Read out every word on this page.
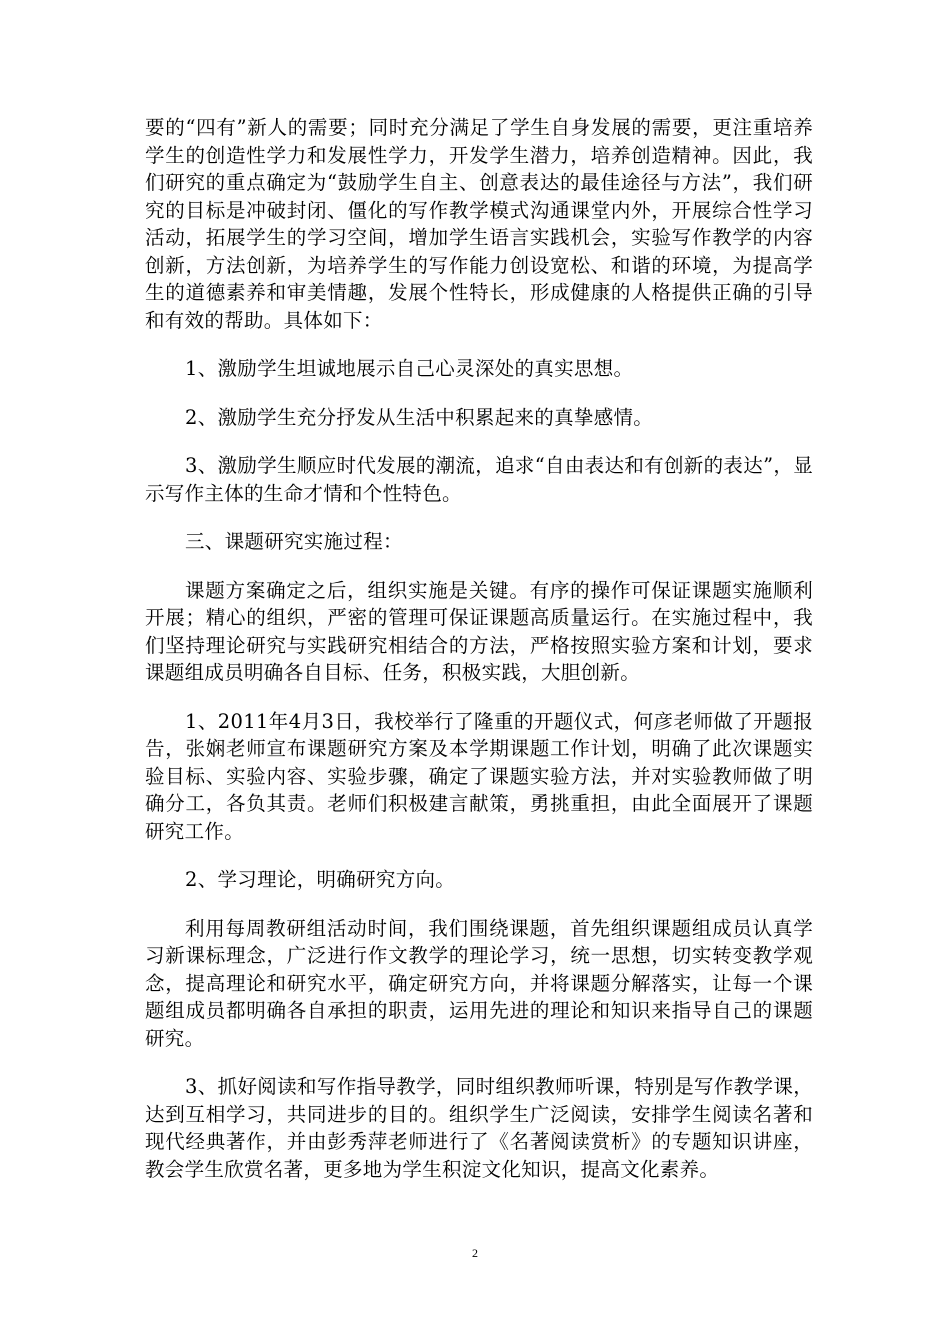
要的“四有”新人的需要；同时充分满足了学生自身发展的需要，更注重培养学生的创造性学力和发展性学力，开发学生潜力，培养创造精神。因此，我们研究的重点确定为“鼓励学生自主、创意表达的最佳途径与方法”，我们研究的目标是冲破封闭、僵化的写作教学模式沟通课堂内外，开展综合性学习活动，拓展学生的学习空间，增加学生语言实践机会，实验写作教学的内容创新，方法创新，为培养学生的写作能力创设宽松、和谐的环境，为提高学生的道德素养和审美情趣，发展个性特长，形成健康的人格提供正确的引导和有效的帮助。具体如下：

1、激励学生坦诚地展示自己心灵深处的真实思想。

2、激励学生充分抒发从生活中积累起来的真挚感情。

3、激励学生顺应时代发展的潮流，追求“自由表达和有创新的表达”，显示写作主体的生命才情和个性特色。

三、课题研究实施过程：

课题方案确定之后，组织实施是关键。有序的操作可保证课题实施顺利开展；精心的组织，严密的管理可保证课题高质量运行。在实施过程中，我们坚持理论研究与实践研究相结合的方法，严格按照实验方案和计划，要求课题组成员明确各自目标、任务，积极实践，大胆创新。

1、2011年4月3日，我校举行了隆重的开题仪式，何彦老师做了开题报告，张娴老师宣布课题研究方案及本学期课题工作计划，明确了此次课题实验目标、实验内容、实验步骤，确定了课题实验方法，并对实验教师做了明确分工，各负其责。老师们积极建言献策，勇挑重担，由此全面展开了课题研究工作。

2、学习理论，明确研究方向。

利用每周教研组活动时间，我们围绕课题，首先组织课题组成员认真学习新课标理念，广泛进行作文教学的理论学习，统一思想，切实转变教学观念，提高理论和研究水平，确定研究方向，并将课题分解落实，让每一个课题组成员都明确各自承担的职责，运用先进的理论和知识来指导自己的课题研究。

3、抓好阅读和写作指导教学，同时组织教师听课，特别是写作教学课，达到互相学习，共同进步的目的。组织学生广泛阅读，安排学生阅读名著和现代经典著作，并由彭秀萍老师进行了《名著阅读赏析》的专题知识讲座，教会学生欣赏名著，更多地为学生积淀文化知识，提高文化素养。

2
